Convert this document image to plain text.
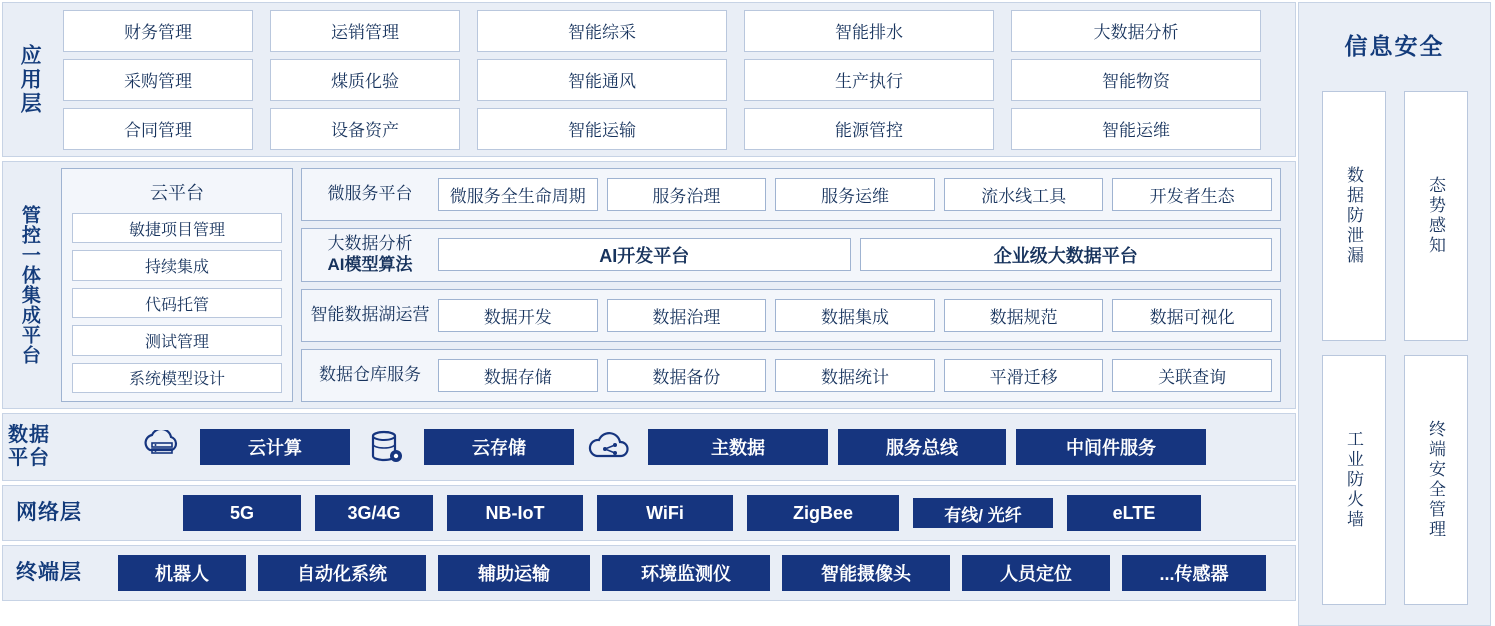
应用层
财务管理	运销管理	智能综采	智能排水	大数据分析
采购管理	煤质化验	智能通风	生产执行	智能物资
合同管理	设备资产	智能运输	能源管控	智能运维
管控一体集成平台
云平台
敏捷项目管理
持续集成
代码托管
测试管理
系统模型设计
微服务平台	微服务全生命周期	服务治理	服务运维	流水线工具	开发者生态
大数据分析
AI模型算法	AI开发平台	企业级大数据平台
智能数据湖运营	数据开发	数据治理	数据集成	数据规范	数据可视化
数据仓库服务	数据存储	数据备份	数据统计	平滑迁移	关联查询
数据平台	云计算	云存储	主数据	服务总线	中间件服务
网络层	5G	3G/4G	NB-IoT	WiFi	ZigBee	有线/ 光纤	eLTE
终端层	机器人	自动化系统	辅助运输	环境监测仪	智能摄像头	人员定位	...传感器
信息安全
数据防泄漏	态势感知
工业防火墙	终端安全管理
